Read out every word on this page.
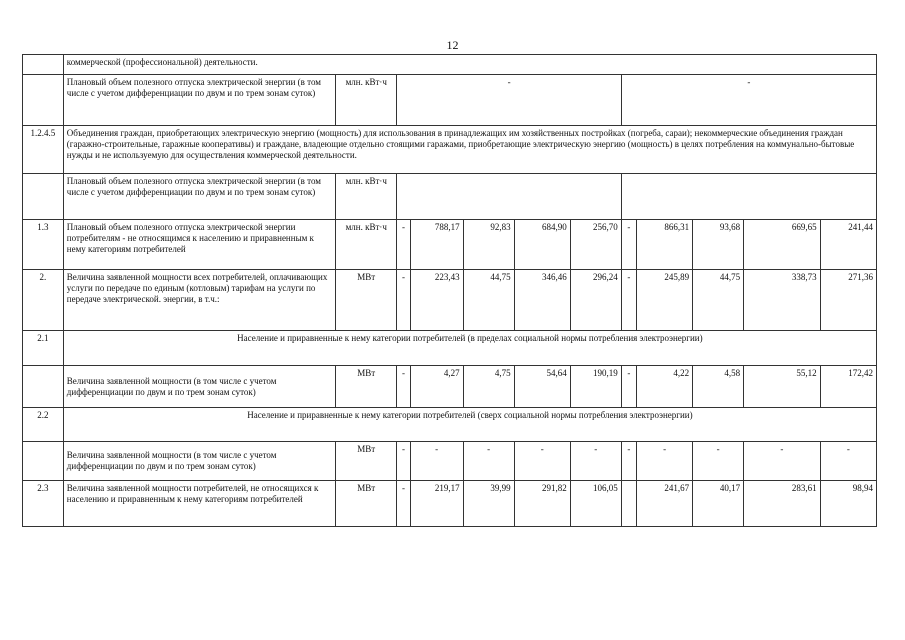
12
	коммерческой (профессиональной) деятельности.											
	Плановый объем полезного отпуска электрической энергии (в том числе с учетом дифференциации по двум и по трем зонам суток)	млн. кВт·ч	-					-				
1.2.4.5	Объединения граждан, приобретающих электрическую энергию (мощность) для использования в принадлежащих им хозяйственных постройках (погреба, сараи); некоммерческие объединения граждан (гаражно-строительные, гаражные кооперативы) и граждане, владеющие отдельно стоящими гаражами, приобретающие электрическую энергию (мощность) в целях потребления на коммунально-бытовые нужды и не используемую для осуществления коммерческой деятельности.											
	Плановый объем полезного отпуска электрической энергии (в том числе с учетом дифференциации по двум и по трем зонам суток)	млн. кВт·ч										
1.3	Плановый объем полезного отпуска электрической энергии потребителям - не относящимся к населению и приравненным к нему категориям потребителей	млн. кВт·ч	-	788,17	92,83	684,90	256,70	-	866,31	93,68	669,65	241,44
2.	Величина заявленной мощности всех потребителей, оплачивающих услуги по передаче по единым (котловым) тарифам на услуги по передаче электрической. энергии, в т.ч.:	МВт	-	223,43	44,75	346,46	296,24	-	245,89	44,75	338,73	271,36
2.1	Население и приравненные к нему категории потребителей (в пределах социальной нормы потребления электроэнергии)											
	Величина заявленной мощности (в том числе с учетом дифференциации по двум и по трем зонам суток)	МВт	-	4,27	4,75	54,64	190,19	-	4,22	4,58	55,12	172,42
2.2	Население и приравненные к нему категории потребителей (сверх социальной нормы потребления электроэнергии)											
	Величина заявленной мощности (в том числе с учетом дифференциации по двум и по трем зонам суток)	МВт	-	-	-	-	-	-	-	-	-	-
2.3	Величина заявленной мощности потребителей, не относящихся к населению и приравненным к нему категориям потребителей	МВт	-	219,17	39,99	291,82	106,05		241,67	40,17	283,61	98,94
